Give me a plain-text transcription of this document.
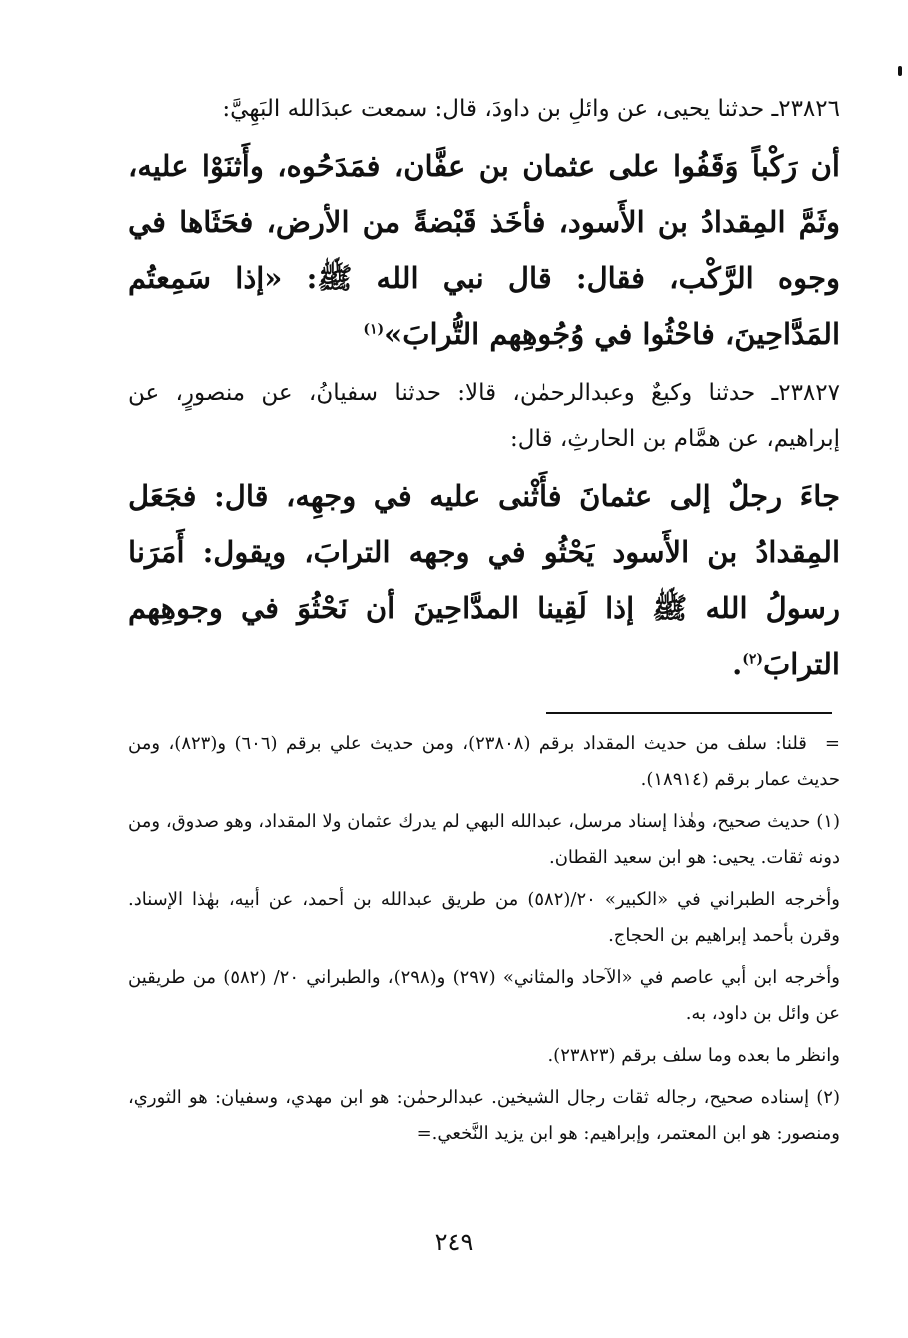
٢٣٨٢٦ـ حدثنا يحيى، عن وائلِ بن داودَ، قال: سمعت عبدَالله البَهِيَّ:

أن رَكْباً وَقَفُوا على عثمان بن عفَّان، فمَدَحُوه، وأَثنَوْا عليه، وثَمَّ المِقدادُ بن الأَسود، فأخَذ قَبْضةً من الأرض، فحَثَاها في وجوه الرَّكْب، فقال: قال نبي الله ﷺ: «إذا سَمِعتُم المَدَّاحِينَ، فاحْثُوا في وُجُوهِهم التُّرابَ»$^{(١)}$

٢٣٨٢٧ـ حدثنا وكيعٌ وعبدالرحمٰن، قالا: حدثنا سفيانُ، عن منصورٍ، عن إبراهيم، عن همَّام بن الحارثِ، قال:

جاءَ رجلٌ إلى عثمانَ فأَثْنى عليه في وجهِه، قال: فجَعَل المِقدادُ بن الأَسود يَحْثُو في وجهه الترابَ، ويقول: أَمَرَنا رسولُ الله ﷺ إذا لَقِينا المدَّاحِينَ أن نَحْثُوَ في وجوهِهم الترابَ$^{(٢)}$.

=قلنا: سلف من حديث المقداد برقم (٢٣٨٠٨)، ومن حديث علي برقم (٦٠٦) و(٨٢٣)، ومن حديث عمار برقم (١٨٩١٤).

(١) حديث صحيح، وهٰذا إسناد مرسل، عبدالله البهي لم يدرك عثمان ولا المقداد، وهو صدوق، ومن دونه ثقات. يحيى: هو ابن سعيد القطان.

وأخرجه الطبراني في «الكبير» ٢٠/(٥٨٢) من طريق عبدالله بن أحمد، عن أبيه، بهٰذا الإسناد. وقرن بأحمد إبراهيم بن الحجاج.

وأخرجه ابن أبي عاصم في «الآحاد والمثاني» (٢٩٧) و(٢٩٨)، والطبراني ٢٠/ (٥٨٢) من طريقين عن وائل بن داود، به.

وانظر ما بعده وما سلف برقم (٢٣٨٢٣).

(٢) إسناده صحيح، رجاله ثقات رجال الشيخين. عبدالرحمٰن: هو ابن مهدي، وسفيان: هو الثوري، ومنصور: هو ابن المعتمر، وإبراهيم: هو ابن يزيد النَّخعي.=

٢٤٩
